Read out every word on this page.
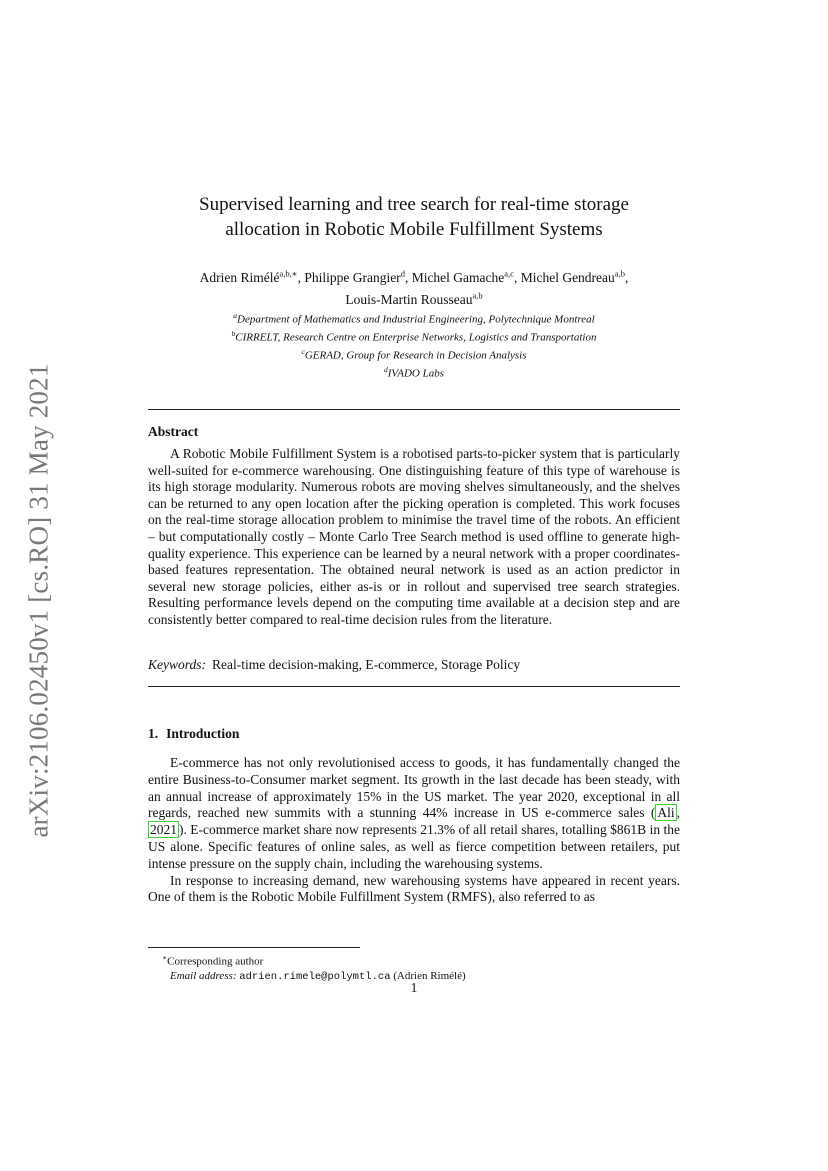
arXiv:2106.02450v1 [cs.RO] 31 May 2021
Supervised learning and tree search for real-time storage
allocation in Robotic Mobile Fulfillment Systems
Adrien Rimélé$^{a,b,∗}$, Philippe Grangier$^d$, Michel Gamache$^{a,c}$, Michel Gendreau$^{a,b}$,
Louis-Martin Rousseau$^{a,b}$
$^a$Department of Mathematics and Industrial Engineering, Polytechnique Montreal
$^b$CIRRELT, Research Centre on Enterprise Networks, Logistics and Transportation
$^c$GERAD, Group for Research in Decision Analysis
$^d$IVADO Labs
Abstract

A Robotic Mobile Fulfillment System is a robotised parts-to-picker system that is particularly well-suited for e-commerce warehousing. One distinguishing feature of this type of warehouse is its high storage modularity. Numerous robots are moving shelves simultaneously, and the shelves can be returned to any open location after the picking operation is completed. This work focuses on the real-time storage allocation problem to minimise the travel time of the robots. An efficient – but computationally costly – Monte Carlo Tree Search method is used offline to generate high-quality experience. This experience can be learned by a neural network with a proper coordinates-based features representation. The obtained neural network is used as an action predictor in several new storage policies, either as-is or in rollout and supervised tree search strategies. Resulting performance levels depend on the computing time available at a decision step and are consistently better compared to real-time decision rules from the literature.

Keywords: Real-time decision-making, E-commerce, Storage Policy
1. Introduction

E-commerce has not only revolutionised access to goods, it has fundamentally changed the entire Business-to-Consumer market segment. Its growth in the last decade has been steady, with an annual increase of approximately 15% in the US market. The year 2020, exceptional in all regards, reached new summits with a stunning 44% increase in US e-commerce sales ( Ali , 2021 ). E-commerce market share now represents 21.3% of all retail shares, totalling $861B in the US alone. Specific features of online sales, as well as fierce competition between retailers, put intense pressure on the supply chain, including the warehousing systems.

In response to increasing demand, new warehousing systems have appeared in recent years. One of them is the Robotic Mobile Fulfillment System (RMFS), also referred to as

∗Corresponding author

Email address: adrien.rimele@polymtl.ca (Adrien Rimélé)

1
